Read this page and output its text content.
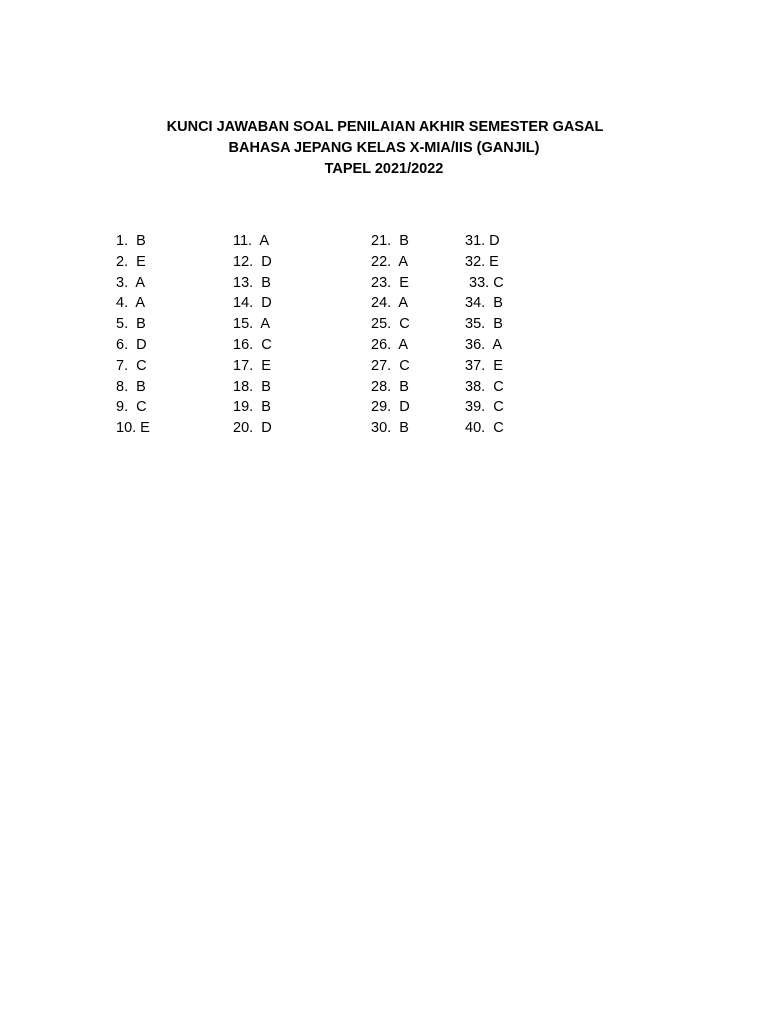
KUNCI JAWABAN SOAL PENILAIAN AKHIR SEMESTER GASAL
BAHASA JEPANG KELAS X-MIA/IIS (GANJIL)
TAPEL 2021/2022
1.  B
2.  E
3.  A
4.  A
5.  B
6.  D
7.  C
8.  B
9.  C
10. E
11.  A
12.  D
13.  B
14.  D
15.  A
16.  C
17.  E
18.  B
19.  B
20.  D
21.  B
22.  A
23.  E
24.  A
25.  C
26.  A
27.  C
28.  B
29.  D
30.  B
31. D
32. E
33. C
34.  B
35.  B
36.  A
37.  E
38.  C
39.  C
40.  C
